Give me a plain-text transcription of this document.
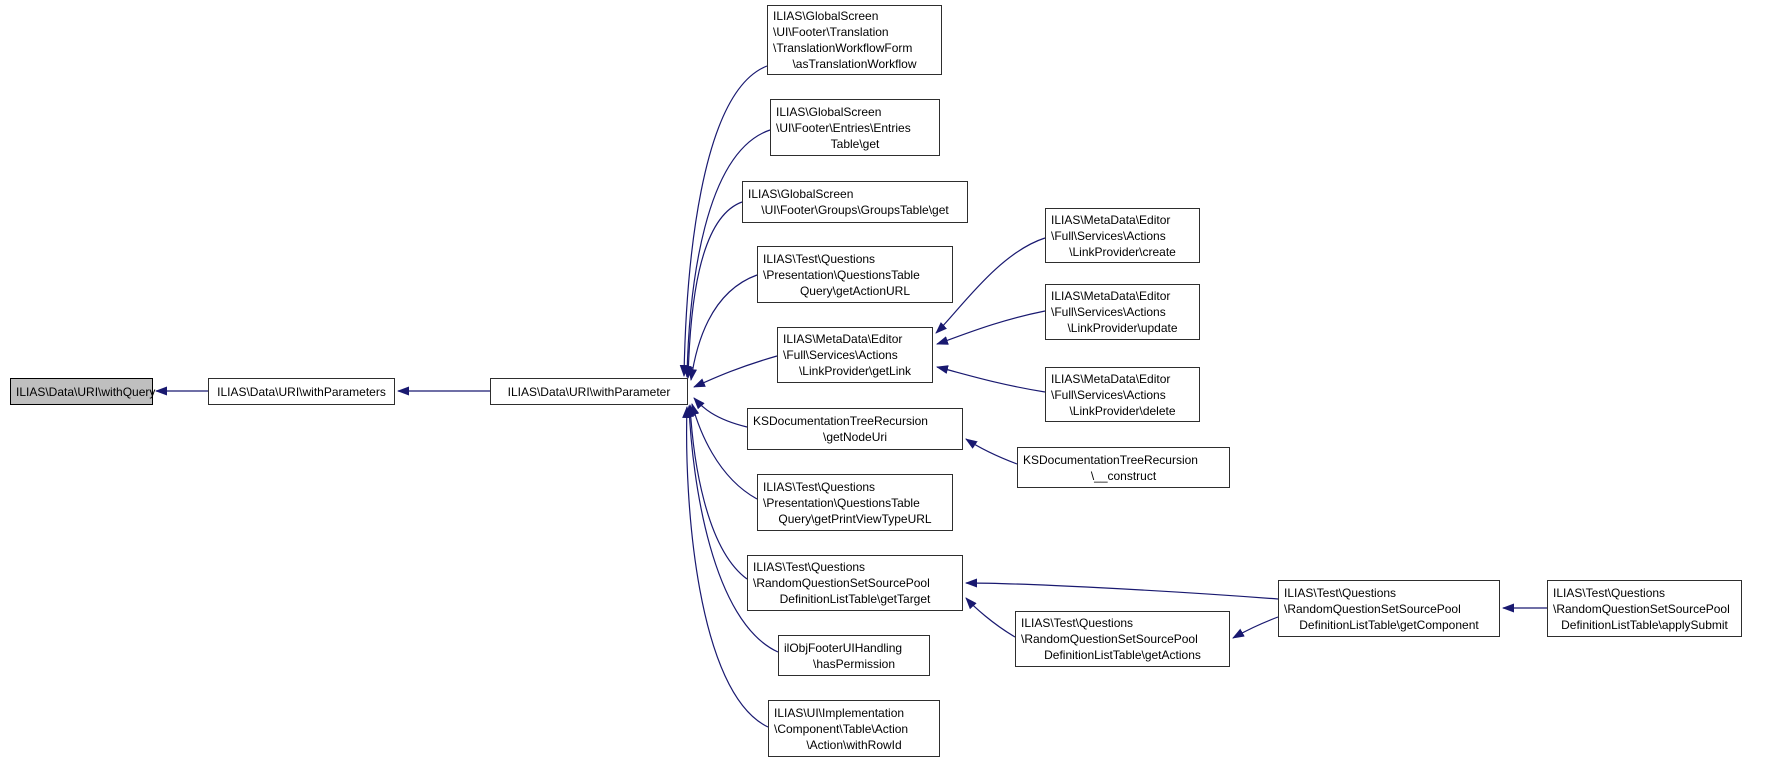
ILIAS\Data\URI\withQuery	ILIAS\Data\URI\withParameters	ILIAS\Data\URI\withParameter
ILIAS\GlobalScreen
\UI\Footer\Translation
\TranslationWorkflowForm
\asTranslationWorkflow
ILIAS\GlobalScreen
\UI\Footer\Entries\Entries
Table\get
ILIAS\GlobalScreen
\UI\Footer\Groups\GroupsTable\get
ILIAS\Test\Questions
\Presentation\QuestionsTable
Query\getActionURL
ILIAS\MetaData\Editor
\Full\Services\Actions
\LinkProvider\getLink
KSDocumentationTreeRecursion
\getNodeUri
ILIAS\Test\Questions
\Presentation\QuestionsTable
Query\getPrintViewTypeURL
ILIAS\Test\Questions
\RandomQuestionSetSourcePool
DefinitionListTable\getTarget
ilObjFooterUIHandling
\hasPermission
ILIAS\UI\Implementation
\Component\Table\Action
\Action\withRowId
ILIAS\MetaData\Editor
\Full\Services\Actions
\LinkProvider\create
ILIAS\MetaData\Editor
\Full\Services\Actions
\LinkProvider\update
ILIAS\MetaData\Editor
\Full\Services\Actions
\LinkProvider\delete
KSDocumentationTreeRecursion
\__construct
ILIAS\Test\Questions
\RandomQuestionSetSourcePool
DefinitionListTable\getActions
ILIAS\Test\Questions
\RandomQuestionSetSourcePool
DefinitionListTable\getComponent
ILIAS\Test\Questions
\RandomQuestionSetSourcePool
DefinitionListTable\applySubmit
